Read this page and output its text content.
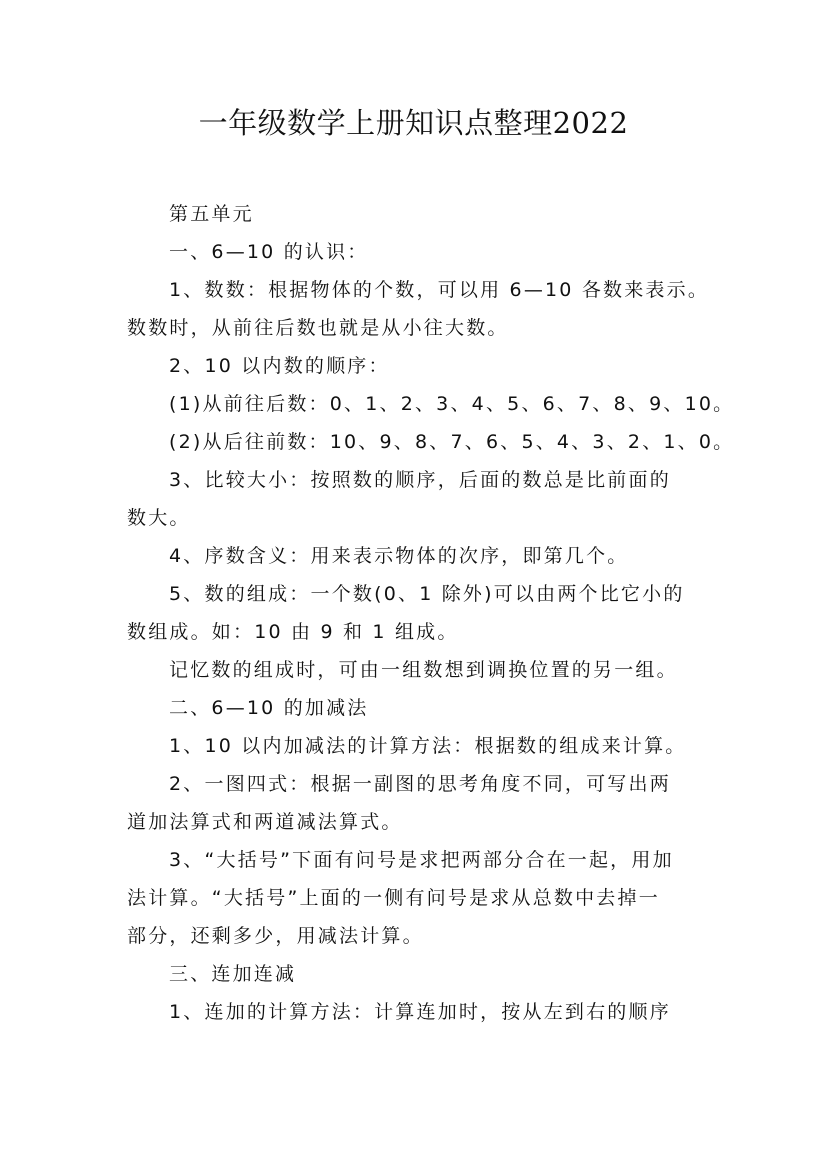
一年级数学上册知识点整理2022
第五单元
一、6—10 的认识：
1、数数：根据物体的个数，可以用 6—10 各数来表示。
数数时，从前往后数也就是从小往大数。
2、10 以内数的顺序：
(1)从前往后数：0、1、2、3、4、5、6、7、8、9、10。
(2)从后往前数：10、9、8、7、6、5、4、3、2、1、0。
3、比较大小：按照数的顺序，后面的数总是比前面的
数大。
4、序数含义：用来表示物体的次序，即第几个。
5、数的组成：一个数(0、1 除外)可以由两个比它小的
数组成。如：10 由 9 和 1 组成。
记忆数的组成时，可由一组数想到调换位置的另一组。
二、6—10 的加减法
1、10 以内加减法的计算方法：根据数的组成来计算。
2、一图四式：根据一副图的思考角度不同，可写出两
道加法算式和两道减法算式。
3、“大括号”下面有问号是求把两部分合在一起，用加
法计算。“大括号”上面的一侧有问号是求从总数中去掉一
部分，还剩多少，用减法计算。
三、连加连减
1、连加的计算方法：计算连加时，按从左到右的顺序
